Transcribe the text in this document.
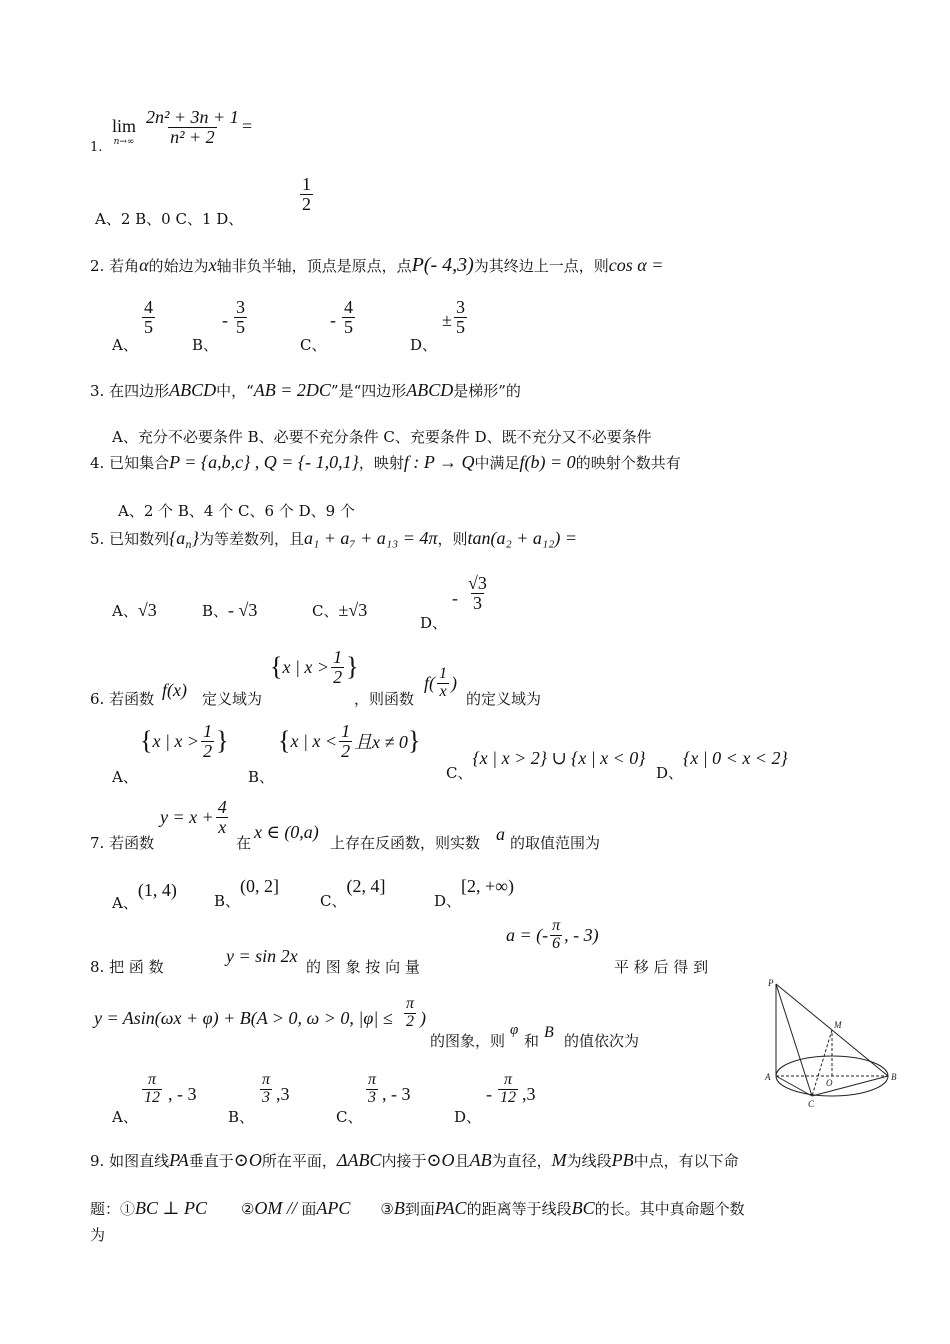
1.
lim
$n\to\infty \frac{\text{2n² + 3n + 1}}{\text{n² + 2}}$ =
A、2 B、0 C、1 D、
$\frac{1}{2}$
2. 若角α的始边为x轴非负半轴，顶点是原点，点P(- 4,3)为其终边上一点，则cos α =
A、
$\frac{4}{5}$
B、
- $\frac{3}{5}$
C、
- $\frac{4}{5}$
D、
± $\frac{3}{5}$
3. 在四边形ABCD中，“AB = 2DC”是“四边形ABCD是梯形”的
A、充分不必要条件 B、必要不充分条件 C、充要条件 D、既不充分又不必要条件
4. 已知集合P = {a,b,c} , Q = {- 1,0,1}，映射f : P → Q中满足f(b) = 0的映射个数共有
A、2 个 B、4 个 C、6 个 D、9 个
5. 已知数列$\{a_n\}$为等差数列，且a₁ + a₇ + a₁₃ = 4π，则tan(a₂ + a₁₂) =
A、√3	B、- √3	C、±√3
D、
- $\frac{√3}{3}$
6. 若函数 f(x) 定义域为
{ x | $x > \frac{1}{2}$ }
，则函数
$f( \frac{1}{x}$ )
的定义域为
A、
{ x | $x > \frac{1}{2}$ }
B、
{ x | $x < \frac{1}{2}$ 且x ≠ 0 }
C、{x | x > 2} ∪ {x | x < 0}
D、{x | 0 < x < 2}
7. 若函数
$y = x + \frac{4}{x}$
在
x ∈ (0,a)
上存在反函数，则实数 a 的取值范围为
A、(1, 4)
B、(0, 2]
C、(2, 4]
D、[2, +∞)
8. 把 函 数
y = sin 2x
的 图 象 按 向 量
a = (- $\frac{\pi}{6}$ , - 3)
平 移 后 得 到
y = Asin(ωx + φ) + B(A > 0, ω > 0, $|\varphi| \le \frac{\pi}{2}$ )
的图象，则
φ
和 B 的值依次为
A、
$\frac{\pi}{12}$ , - 3
B、
$\frac{\pi}{3} ,3$
C、
$\frac{\pi}{3}$ , - 3
D、
- $\frac{\pi}{12} ,3$
P
M
A
O
B
C
9. 如图直线PA垂直于⊙O所在平面，ΔABC内接于⊙O且AB为直径，M为线段PB中点，有以下命
题：①BC ⊥ PC ②OM // 面APC ③B到面PAC的距离等于线段BC的长。其中真命题个数
为
